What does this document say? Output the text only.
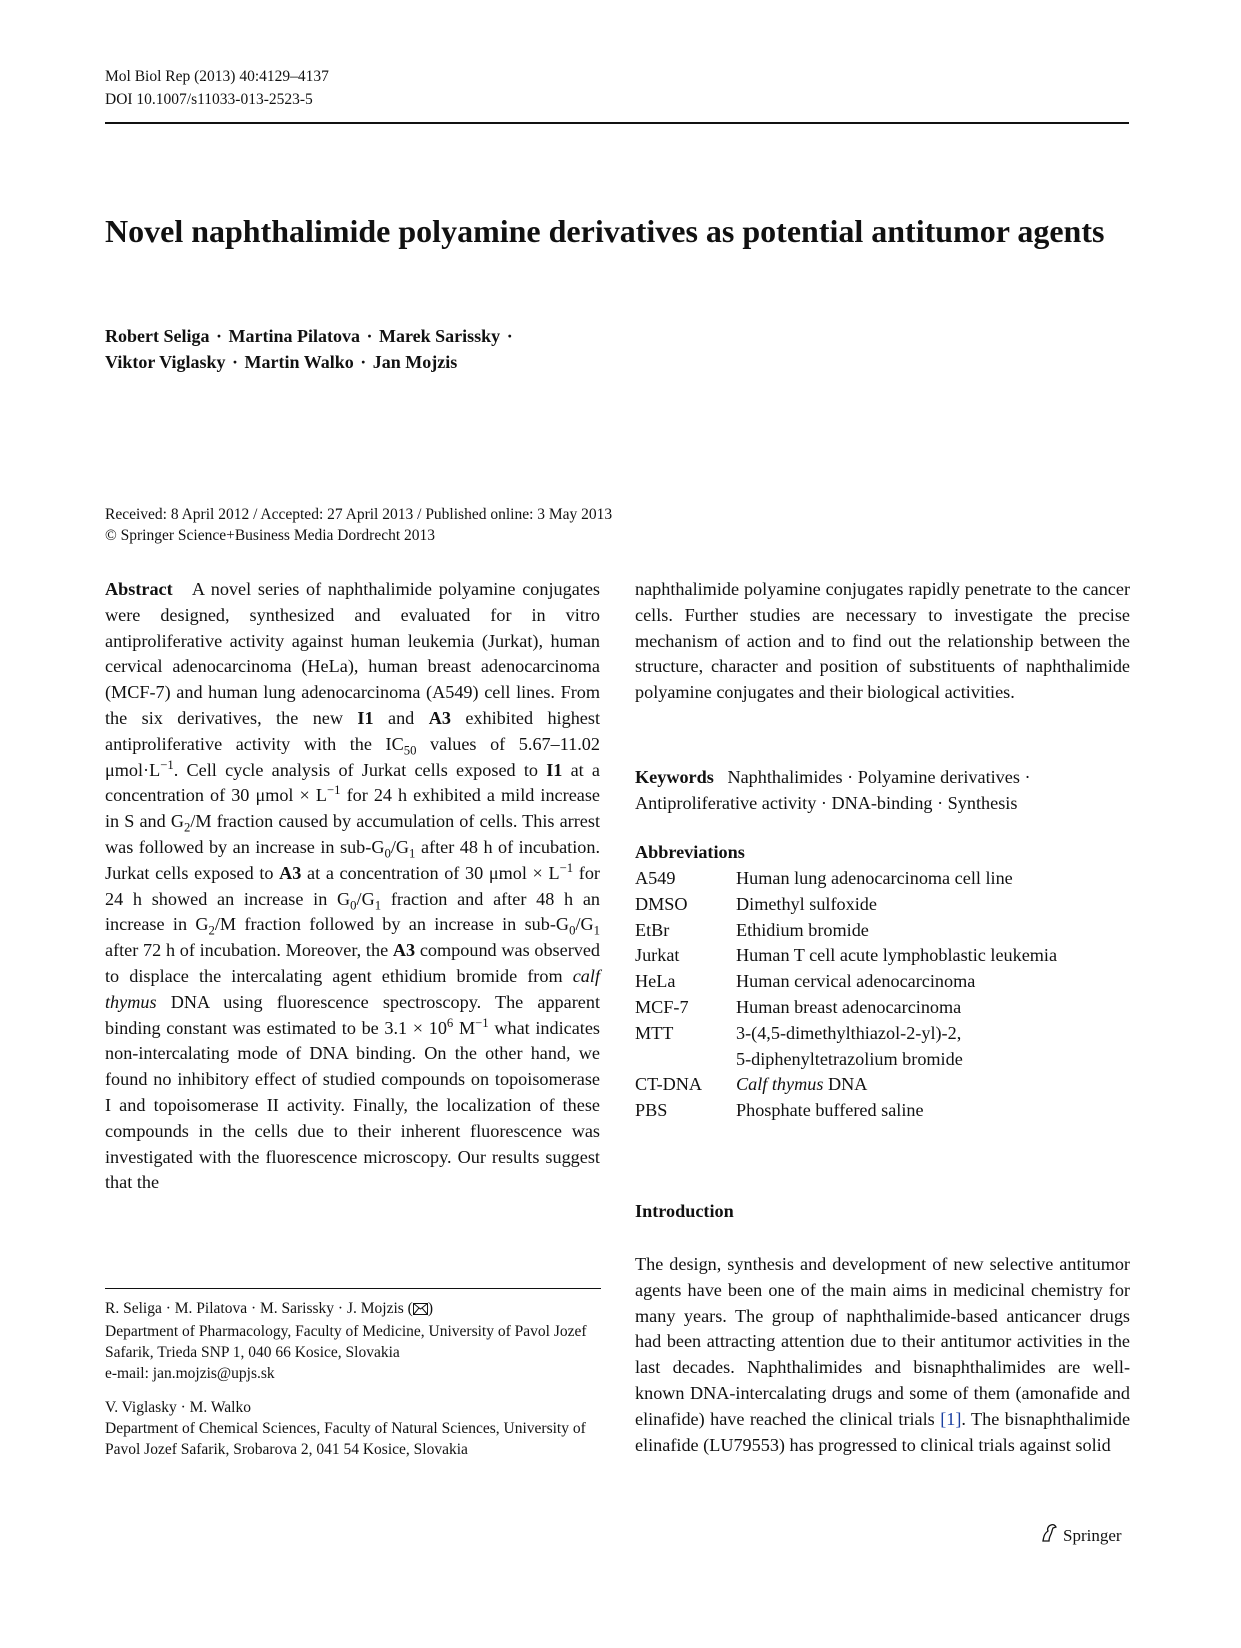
Mol Biol Rep (2013) 40:4129–4137
DOI 10.1007/s11033-013-2523-5
Novel naphthalimide polyamine derivatives as potential antitumor agents
Robert Seliga · Martina Pilatova · Marek Sarissky ·
Viktor Viglasky · Martin Walko · Jan Mojzis
Received: 8 April 2012 / Accepted: 27 April 2013 / Published online: 3 May 2013
© Springer Science+Business Media Dordrecht 2013

Abstract A novel series of naphthalimide polyamine conjugates were designed, synthesized and evaluated for in vitro antiproliferative activity against human leukemia (Jurkat), human cervical adenocarcinoma (HeLa), human breast adenocarcinoma (MCF-7) and human lung adenocarcinoma (A549) cell lines. From the six derivatives, the new I1 and A3 exhibited highest antiproliferative activity with the $IC_{50}$ values of 5.67–11.02 $\mu mol\cdot L^{-1}$. Cell cycle analysis of Jurkat cells exposed to I1 at a concentration of 30 $\mu mol \times L^{-1}$ for 24 h exhibited a mild increase in S and $G_2/M$ fraction caused by accumulation of cells. This arrest was followed by an increase in sub-$G_0/G_1$ after 48 h of incubation. Jurkat cells exposed to A3 at a concentration of 30 $\mu mol \times L^{-1}$ for 24 h showed an increase in $G_0/G_1$ fraction and after 48 h an increase in $G_2/M$ fraction followed by an increase in sub-$G_0/G_1$ after 72 h of incubation. Moreover, the A3 compound was observed to displace the intercalating agent ethidium bromide from calf thymus DNA using fluorescence spectroscopy. The apparent binding constant was estimated to be $3.1 \times 10^6$ $M^{-1}$ what indicates non-intercalating mode of DNA binding. On the other hand, we found no inhibitory effect of studied compounds on topoisomerase I and topoisomerase II activity. Finally, the localization of these compounds in the cells due to their inherent fluorescence was investigated with the fluorescence microscopy. Our results suggest that the

R. Seliga · M. Pilatova · M. Sarissky · J. Mojzis ( )

Department of Pharmacology, Faculty of Medicine, University of Pavol Jozef Safarik, Trieda SNP 1, 040 66 Kosice, Slovakia

e-mail: jan.mojzis@upjs.sk

V. Viglasky · M. Walko

Department of Chemical Sciences, Faculty of Natural Sciences, University of Pavol Jozef Safarik, Srobarova 2, 041 54 Kosice, Slovakia

naphthalimide polyamine conjugates rapidly penetrate to the cancer cells. Further studies are necessary to investigate the precise mechanism of action and to find out the relationship between the structure, character and position of substituents of naphthalimide polyamine conjugates and their biological activities.

Keywords Naphthalimides · Polyamine derivatives ·
Antiproliferative activity · DNA-binding · Synthesis
Abbreviations
A549	Human lung adenocarcinoma cell line
DMSO	Dimethyl sulfoxide
EtBr	Ethidium bromide
Jurkat	Human T cell acute lymphoblastic leukemia
HeLa	Human cervical adenocarcinoma
MCF-7	Human breast adenocarcinoma
MTT	3-(4,5-dimethylthiazol-2-yl)-2,
	5-diphenyltetrazolium bromide
CT-DNA	Calf thymus DNA
PBS	Phosphate buffered saline
Introduction

The design, synthesis and development of new selective antitumor agents have been one of the main aims in medicinal chemistry for many years. The group of naphthalimide-based anticancer drugs had been attracting attention due to their antitumor activities in the last decades. Naphthalimides and bisnaphthalimides are well-known DNA-intercalating drugs and some of them (amonafide and elinafide) have reached the clinical trials [1]. The bisnaphthalimide elinafide (LU79553) has progressed to clinical trials against solid

Springer
